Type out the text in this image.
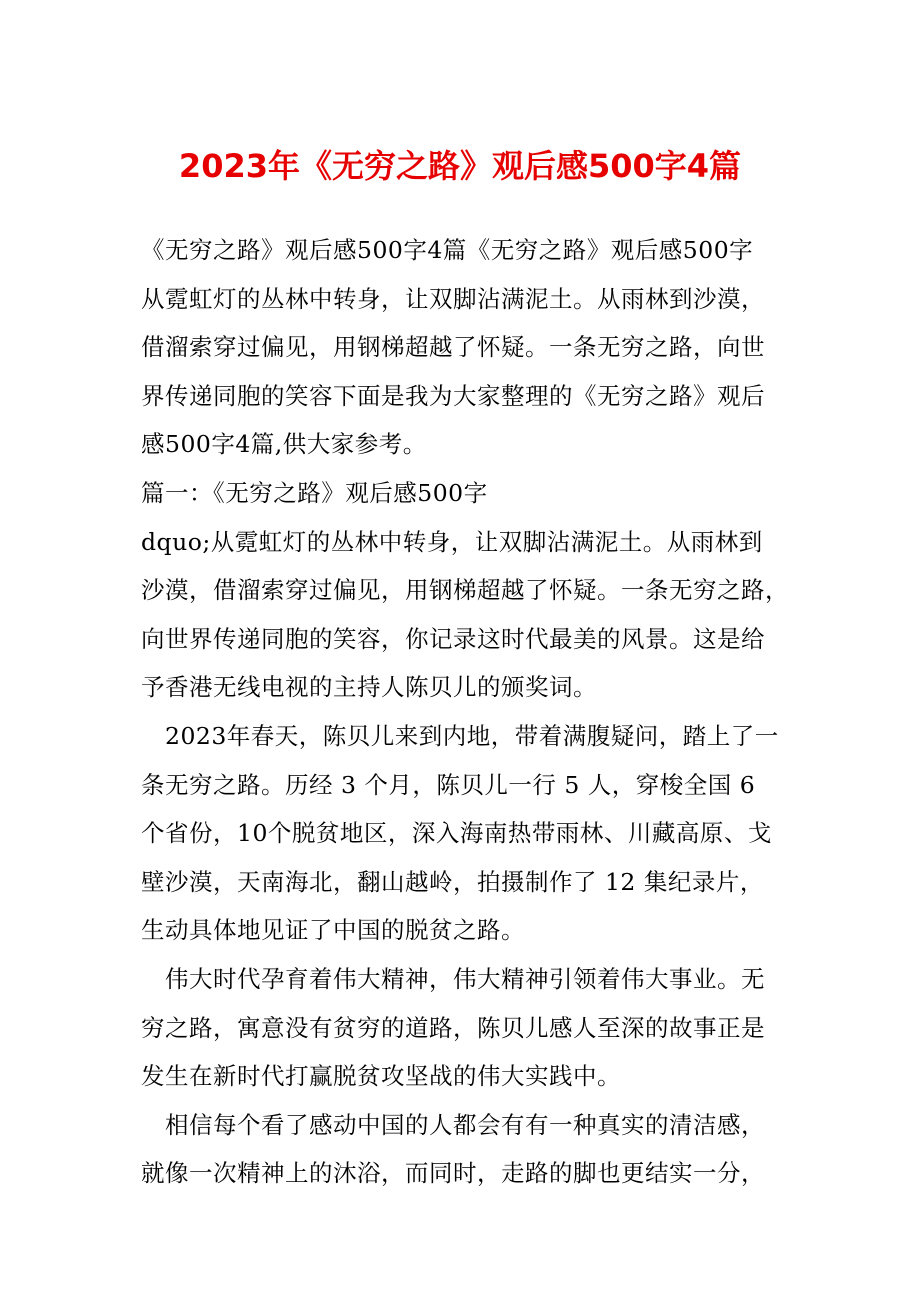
2023年《无穷之路》观后感500字4篇
《无穷之路》观后感500字4篇《无穷之路》观后感500字
从霓虹灯的丛林中转身，让双脚沾满泥土。从雨林到沙漠，
借溜索穿过偏见，用钢梯超越了怀疑。一条无穷之路，向世
界传递同胞的笑容下面是我为大家整理的《无穷之路》观后
感500字4篇,供大家参考。
篇一：《无穷之路》观后感500字
dquo;从霓虹灯的丛林中转身，让双脚沾满泥土。从雨林到
沙漠，借溜索穿过偏见，用钢梯超越了怀疑。一条无穷之路，
向世界传递同胞的笑容，你记录这时代最美的风景。这是给
予香港无线电视的主持人陈贝儿的颁奖词。
2023年春天，陈贝儿来到内地，带着满腹疑问，踏上了一
条无穷之路。历经 3 个月，陈贝儿一行 5 人，穿梭全国 6
个省份，10个脱贫地区，深入海南热带雨林、川藏高原、戈
壁沙漠，天南海北，翻山越岭，拍摄制作了 12 集纪录片，
生动具体地见证了中国的脱贫之路。
伟大时代孕育着伟大精神，伟大精神引领着伟大事业。无
穷之路，寓意没有贫穷的道路，陈贝儿感人至深的故事正是
发生在新时代打赢脱贫攻坚战的伟大实践中。
相信每个看了感动中国的人都会有有一种真实的清洁感，
就像一次精神上的沐浴，而同时，走路的脚也更结实一分，
